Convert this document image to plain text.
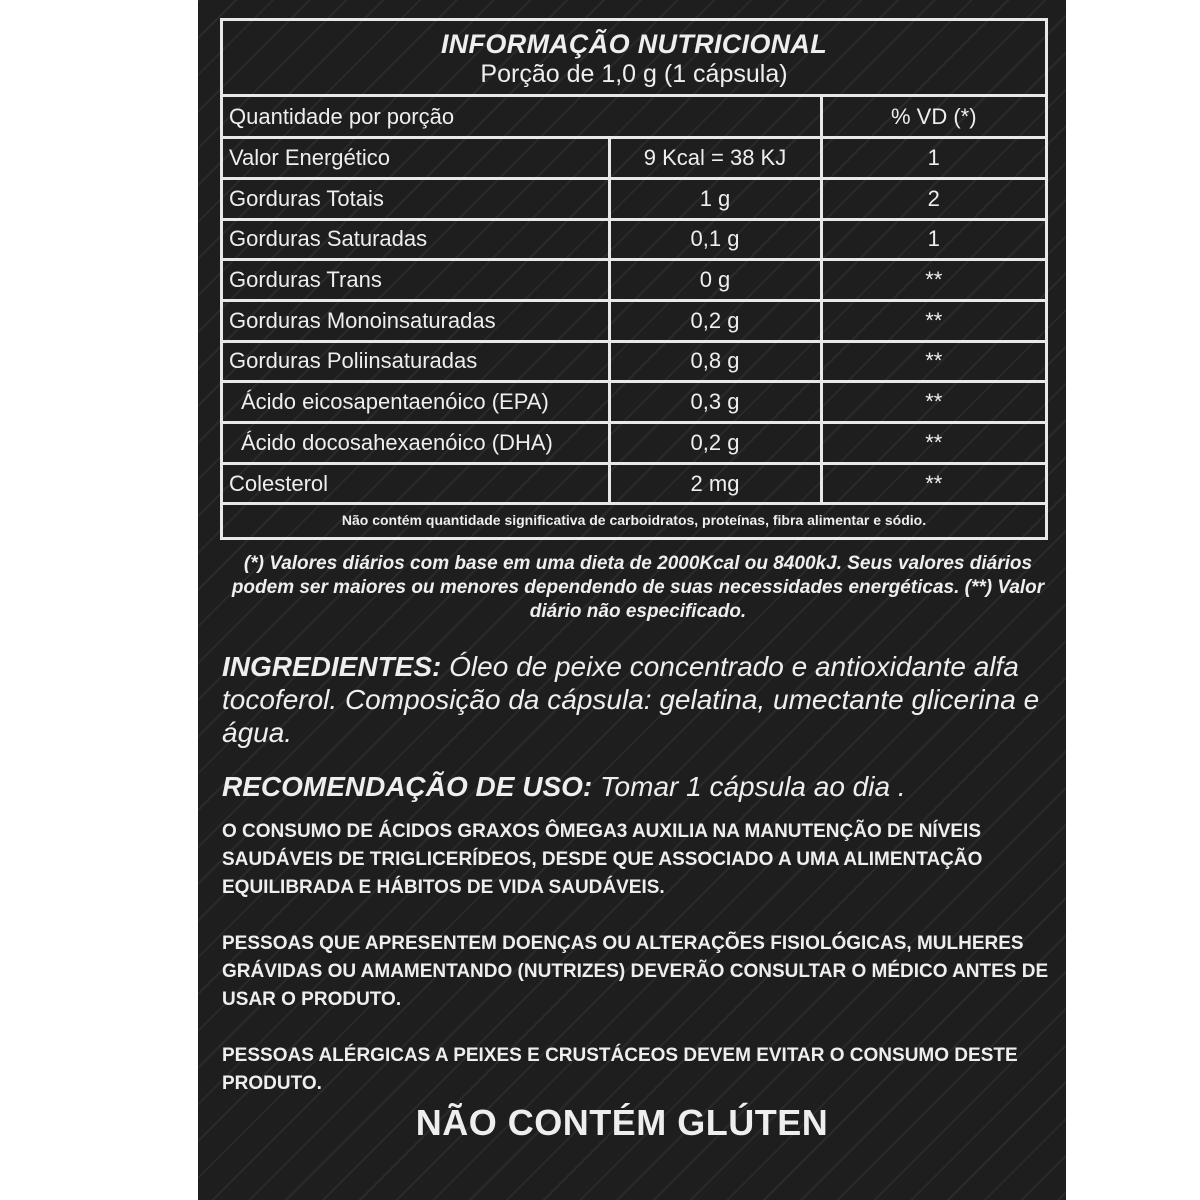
INFORMAÇÃO NUTRICIONAL
Porção de 1,0 g (1 cápsula)
Quantidade por porção		% VD (*)
Valor Energético	9 Kcal = 38 KJ	1
Gorduras Totais	1 g	2
Gorduras Saturadas	0,1 g	1
Gorduras Trans	0 g	**
Gorduras Monoinsaturadas	0,2 g	**
Gorduras Poliinsaturadas	0,8 g	**
Ácido eicosapentaenóico (EPA)	0,3 g	**
Ácido docosahexaenóico (DHA)	0,2 g	**
Colesterol	2 mg	**
Não contém quantidade significativa de carboidratos, proteínas, fibra alimentar e sódio.
(*) Valores diários com base em uma dieta de 2000Kcal ou 8400kJ. Seus valores diários podem ser maiores ou menores dependendo de suas necessidades energéticas. (**) Valor diário não especificado.
INGREDIENTES: Óleo de peixe concentrado e antioxidante alfa tocoferol. Composição da cápsula: gelatina, umectante glicerina e água.
RECOMENDAÇÃO DE USO: Tomar 1 cápsula ao dia .
O CONSUMO DE ÁCIDOS GRAXOS ÔMEGA3 AUXILIA NA MANUTENÇÃO DE NÍVEIS SAUDÁVEIS DE TRIGLICERÍDEOS, DESDE QUE ASSOCIADO A UMA ALIMENTAÇÃO EQUILIBRADA E HÁBITOS DE VIDA SAUDÁVEIS.
PESSOAS QUE APRESENTEM DOENÇAS OU ALTERAÇÕES FISIOLÓGICAS, MULHERES GRÁVIDAS OU AMAMENTANDO (NUTRIZES) DEVERÃO CONSULTAR O MÉDICO ANTES DE USAR O PRODUTO.
PESSOAS ALÉRGICAS A PEIXES E CRUSTÁCEOS DEVEM EVITAR O CONSUMO DESTE PRODUTO.
NÃO CONTÉM GLÚTEN
